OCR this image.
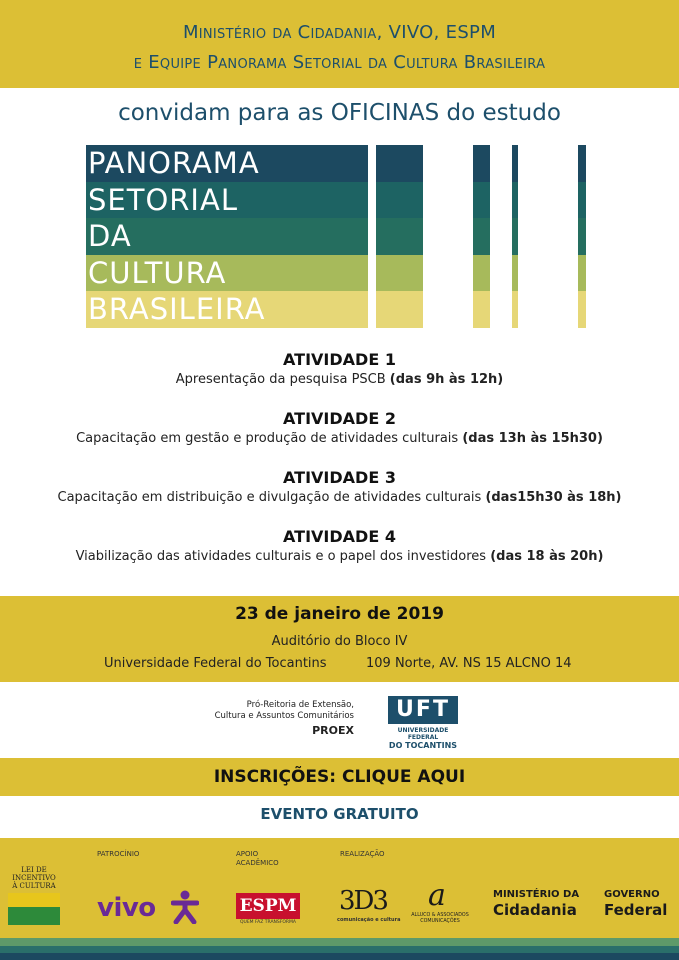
Ministério da Cidadania, VIVO, ESPM
e Equipe Panorama Setorial da Cultura Brasileira
convidam para as OFICINAS do estudo
PANORAMA
SETORIAL
DA
CULTURA
BRASILEIRA
ATIVIDADE 1
Apresentação da pesquisa PSCB (das 9h às 12h)
ATIVIDADE 2
Capacitação em gestão e produção de atividades culturais (das 13h às 15h30)
ATIVIDADE 3
Capacitação em distribuição e divulgação de atividades culturais (das15h30 às 18h)
ATIVIDADE 4
Viabilização das atividades culturais e o papel dos investidores (das 18 às 20h)
23 de janeiro de 2019
Auditório do Bloco IV
Universidade Federal do Tocantins	109 Norte, AV. NS 15 ALCNO 14
Pró-Reitoria de Extensão,
Cultura e Assuntos Comunitários
PROEX
UFT
UNIVERSIDADE FEDERAL
DO TOCANTINS
INSCRIÇÕES: CLIQUE AQUI
EVENTO GRATUITO
PATROCÍNIO	APOIO
ACADÊMICO
REALIZAÇÃO
LEI DE
INCENTIVO
À CULTURA
vivo	ESPM
QUEM FAZ TRANSFORMA
3D3
comunicação e cultura
a
ALLUCO & ASSOCIADOS
COMUNICAÇÕES
MINISTÉRIO DA
Cidadania
GOVERNO
Federal
